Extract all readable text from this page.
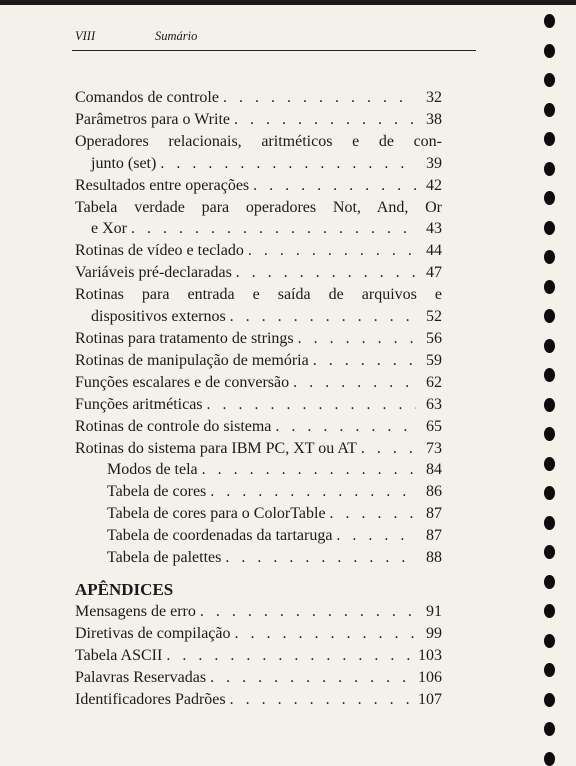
VIII	Sumário
Comandos de controle . . .	32
Parâmetros para o Write . . .	38
Operadores relacionais, aritméticos e de con-
junto (set) . . .	39
Resultados entre operações . . .	42
Tabela verdade para operadores Not, And, Or
e Xor . . .	43
Rotinas de vídeo e teclado . . .	44
Variáveis pré-declaradas . . .	47
Rotinas para entrada e saída de arquivos e
dispositivos externos . . .	52
Rotinas para tratamento de strings . . .	56
Rotinas de manipulação de memória . . .	59
Funções escalares e de conversão . . .	62
Funções aritméticas . . .	63
Rotinas de controle do sistema . . .	65
Rotinas do sistema para IBM PC, XT ou AT . . .	73
Modos de tela . . .	84
Tabela de cores . . .	86
Tabela de cores para o ColorTable . . .	87
Tabela de coordenadas da tartaruga . . .	87
Tabela de palettes . . .	88
APÊNDICES
Mensagens de erro . . .	91
Diretivas de compilação . . .	99
Tabela ASCII . . .	103
Palavras Reservadas . . .	106
Identificadores Padrões . . .	107
